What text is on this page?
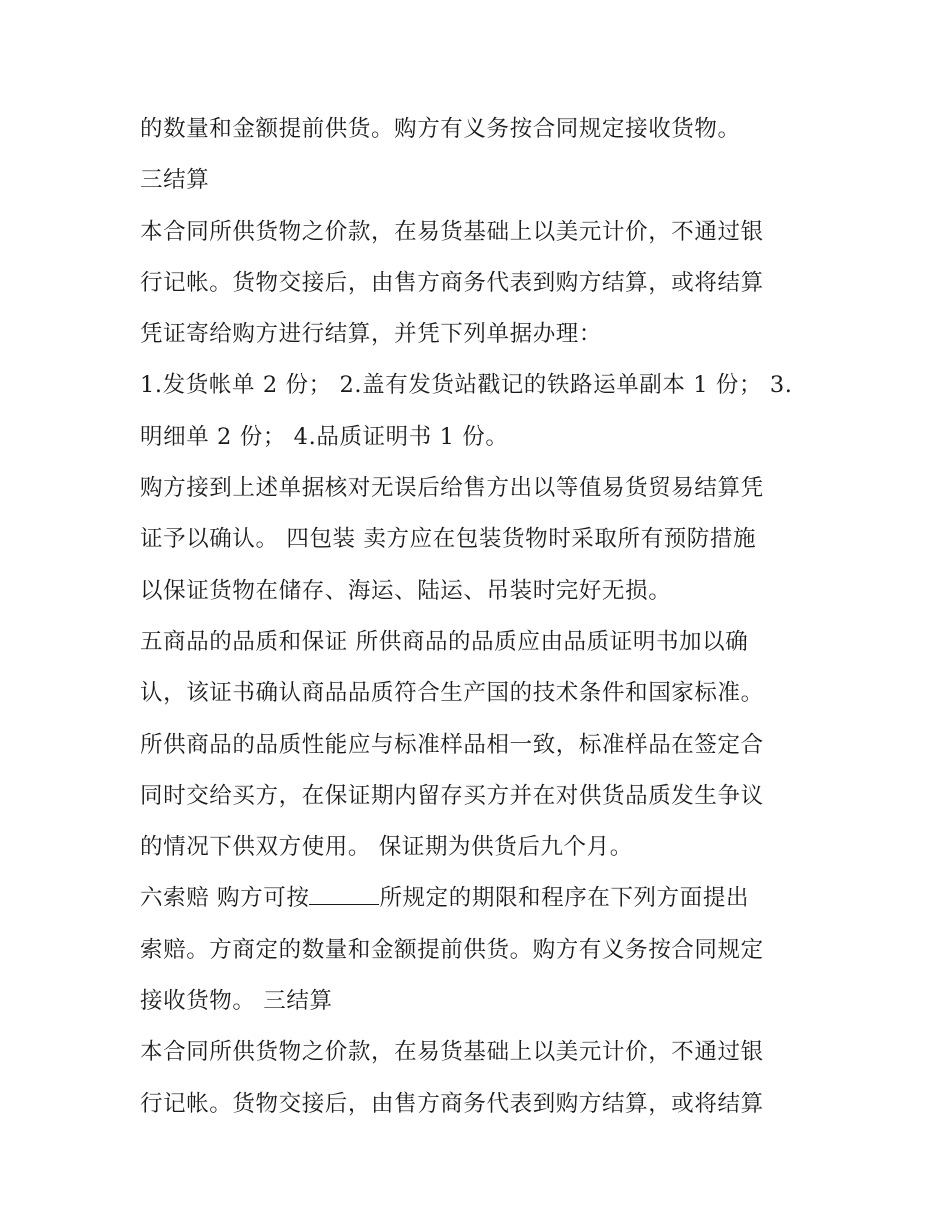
的数量和金额提前供货。购方有义务按合同规定接收货物。
三结算
本合同所供货物之价款，在易货基础上以美元计价，不通过银
行记帐。货物交接后，由售方商务代表到购方结算，或将结算
凭证寄给购方进行结算，并凭下列单据办理：
1.发货帐单 2 份； 2.盖有发货站戳记的铁路运单副本 1 份； 3.
明细单 2 份； 4.品质证明书 1 份。
购方接到上述单据核对无误后给售方出以等值易货贸易结算凭
证予以确认。 四包装 卖方应在包装货物时采取所有预防措施
以保证货物在储存、海运、陆运、吊装时完好无损。
五商品的品质和保证 所供商品的品质应由品质证明书加以确
认，该证书确认商品品质符合生产国的技术条件和国家标准。
所供商品的品质性能应与标准样品相一致，标准样品在签定合
同时交给买方，在保证期内留存买方并在对供货品质发生争议
的情况下供双方使用。 保证期为供货后九个月。
六索赔 购方可按	所规定的期限和程序在下列方面提出
索赔。方商定的数量和金额提前供货。购方有义务按合同规定
接收货物。 三结算
本合同所供货物之价款，在易货基础上以美元计价，不通过银
行记帐。货物交接后，由售方商务代表到购方结算，或将结算
